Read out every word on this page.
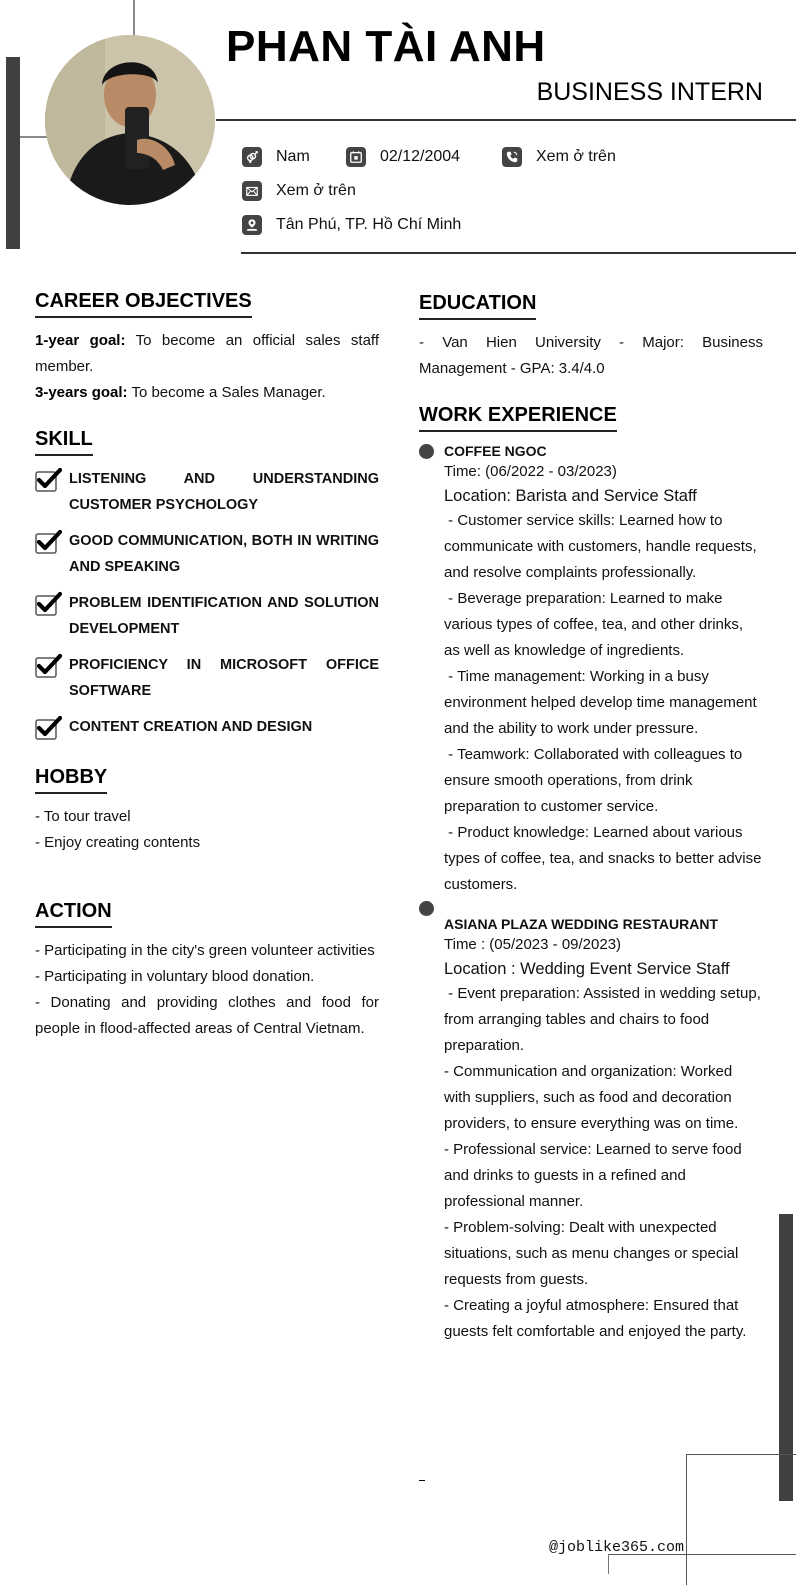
PHAN TÀI ANH
BUSINESS INTERN
Nam	02/12/2004	Xem ở trên
Xem ở trên
Tân Phú, TP. Hồ Chí Minh
CAREER OBJECTIVES
1-year goal: To become an official sales staff member.
3-years goal: To become a Sales Manager.
SKILL
LISTENING AND UNDERSTANDING CUSTOMER PSYCHOLOGY
GOOD COMMUNICATION, BOTH IN WRITING AND SPEAKING
PROBLEM IDENTIFICATION AND SOLUTION DEVELOPMENT
PROFICIENCY IN MICROSOFT OFFICE SOFTWARE
CONTENT CREATION AND DESIGN
HOBBY
- To tour travel
- Enjoy creating contents
ACTION
- Participating in the city's green volunteer activities
- Participating in voluntary blood donation.
- Donating and providing clothes and food for people in flood-affected areas of Central Vietnam.
EDUCATION
- Van Hien University - Major: Business Management - GPA: 3.4/4.0
WORK EXPERIENCE
COFFEE NGOC
Time: (06/2022 - 03/2023)
Location: Barista and Service Staff
- Customer service skills: Learned how to communicate with customers, handle requests, and resolve complaints professionally.
- Beverage preparation: Learned to make various types of coffee, tea, and other drinks, as well as knowledge of ingredients.
- Time management: Working in a busy environment helped develop time management and the ability to work under pressure.
- Teamwork: Collaborated with colleagues to ensure smooth operations, from drink preparation to customer service.
- Product knowledge: Learned about various types of coffee, tea, and snacks to better advise customers.
ASIANA PLAZA WEDDING RESTAURANT
Time : (05/2023 - 09/2023)
Location : Wedding Event Service Staff
- Event preparation: Assisted in wedding setup, from arranging tables and chairs to food preparation.
- Communication and organization: Worked with suppliers, such as food and decoration providers, to ensure everything was on time.
- Professional service: Learned to serve food and drinks to guests in a refined and professional manner.
- Problem-solving: Dealt with unexpected situations, such as menu changes or special requests from guests.
- Creating a joyful atmosphere: Ensured that guests felt comfortable and enjoyed the party.
@joblike365.com
